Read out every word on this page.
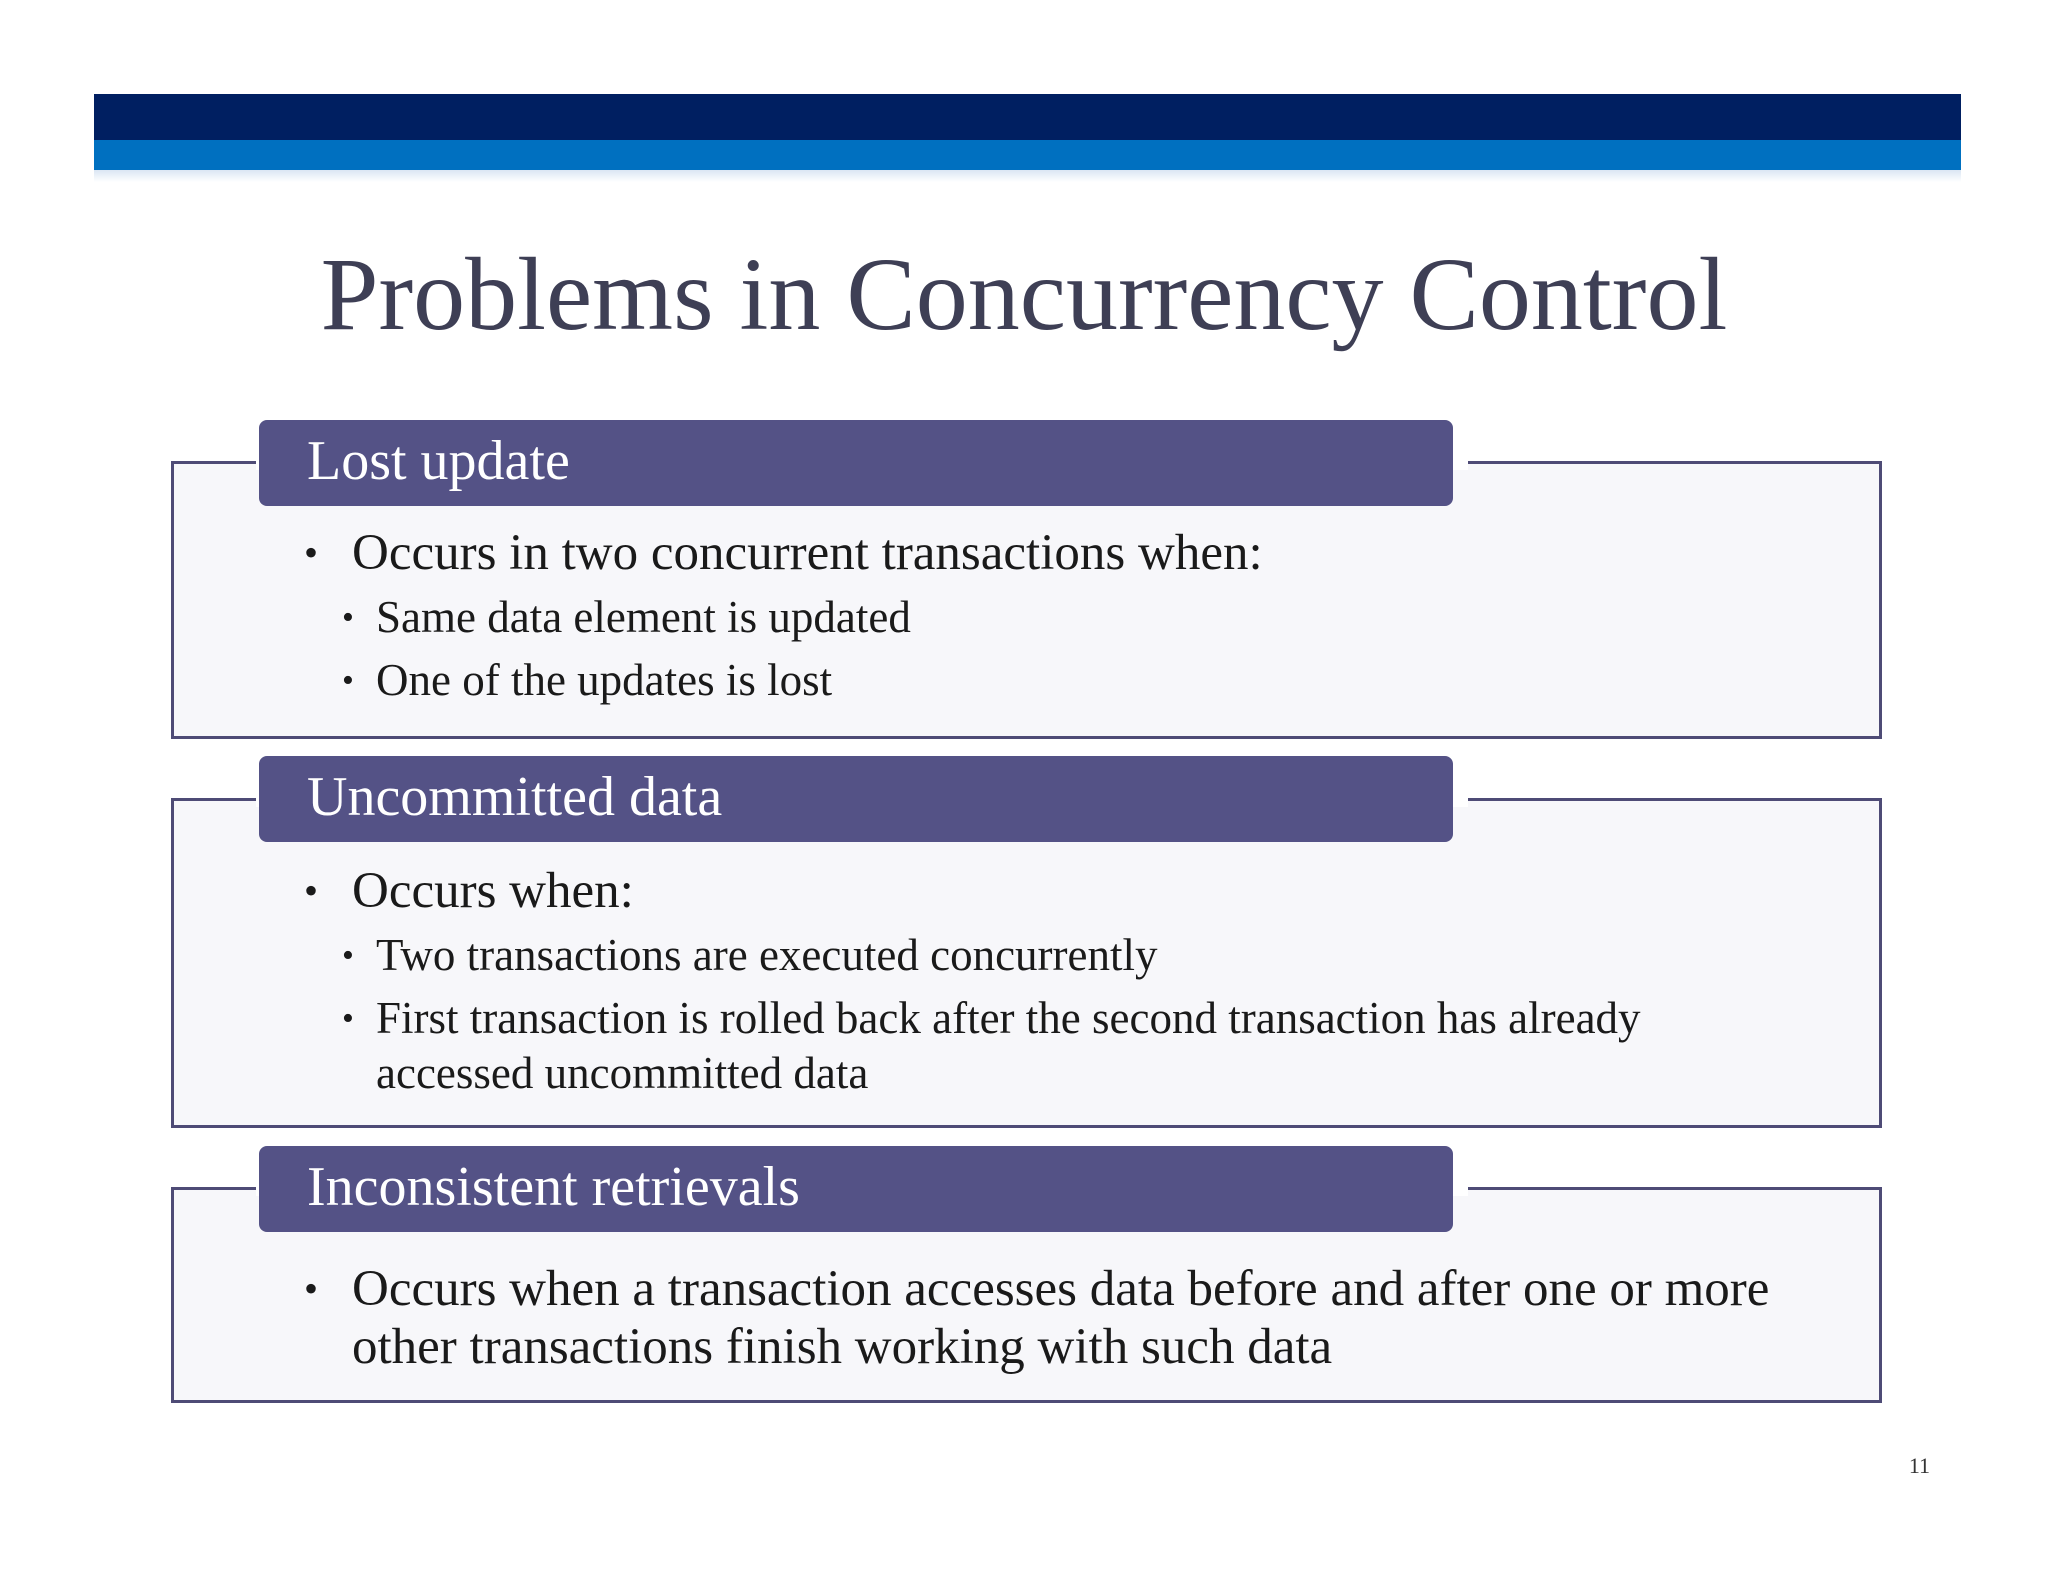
Problems in Concurrency Control
Lost update
• Occurs in two concurrent transactions when:
• Same data element is updated
• One of the updates is lost
Uncommitted data
• Occurs when:
• Two transactions are executed concurrently
• First transaction is rolled back after the second transaction has already accessed uncommitted data
Inconsistent retrievals
• Occurs when a transaction accesses data before and after one or more other transactions finish working with such data
11
